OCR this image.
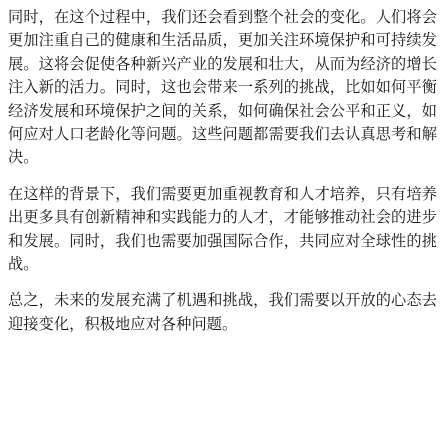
同时，在这个过程中，我们还会看到整个社会的变化。人们将会更加注重自己的健康和生活品质，更加关注环境保护和可持续发展。这将会促使各种新兴产业的发展和壮大，从而为经济的增长注入新的活力。同时，这也会带来一系列的挑战，比如如何平衡经济发展和环境保护之间的关系，如何确保社会公平和正义，如何应对人口老龄化等问题。这些问题都需要我们去认真思考和解决。

在这样的背景下，我们需要更加重视教育和人才培养，只有培养出更多具有创新精神和实践能力的人才，才能够推动社会的进步和发展。同时，我们也需要加强国际合作，共同应对全球性的挑战。

总之，未来的发展充满了机遇和挑战，我们需要以开放的心态去迎接变化，积极地应对各种问题。
